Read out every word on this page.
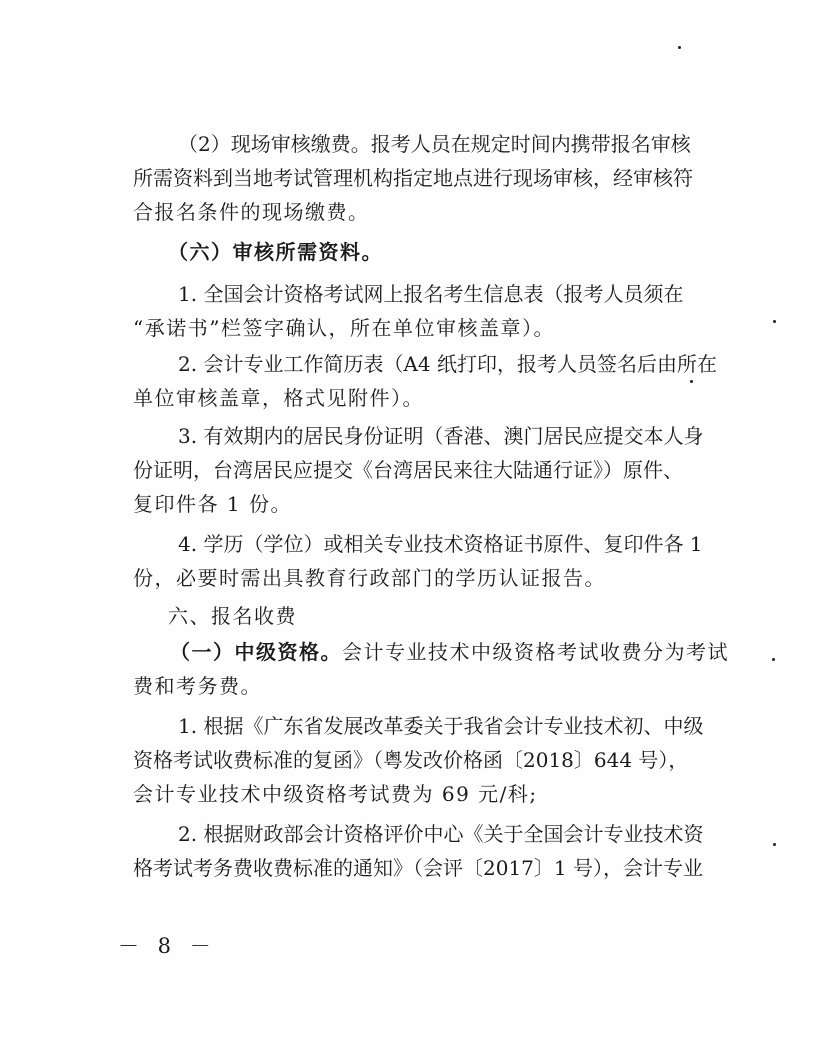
（2）现场审核缴费。报考人员在规定时间内携带报名审核
所需资料到当地考试管理机构指定地点进行现场审核，经审核符
合报名条件的现场缴费。
（六）审核所需资料。
1. 全国会计资格考试网上报名考生信息表（报考人员须在
“承诺书”栏签字确认，所在单位审核盖章）。
2. 会计专业工作简历表（A4 纸打印，报考人员签名后由所在
单位审核盖章，格式见附件）。
3. 有效期内的居民身份证明（香港、澳门居民应提交本人身
份证明，台湾居民应提交《台湾居民来往大陆通行证》）原件、
复印件各 1 份。
4. 学历（学位）或相关专业技术资格证书原件、复印件各 1
份，必要时需出具教育行政部门的学历认证报告。
六、报名收费
（一）中级资格。会计专业技术中级资格考试收费分为考试
费和考务费。
1. 根据《广东省发展改革委关于我省会计专业技术初、中级
资格考试收费标准的复函》（粤发改价格函〔2018〕644 号），
会计专业技术中级资格考试费为 69 元/科;
2. 根据财政部会计资格评价中心《关于全国会计专业技术资
格考试考务费收费标准的通知》（会评〔2017〕1 号），会计专业
－ 8 －
